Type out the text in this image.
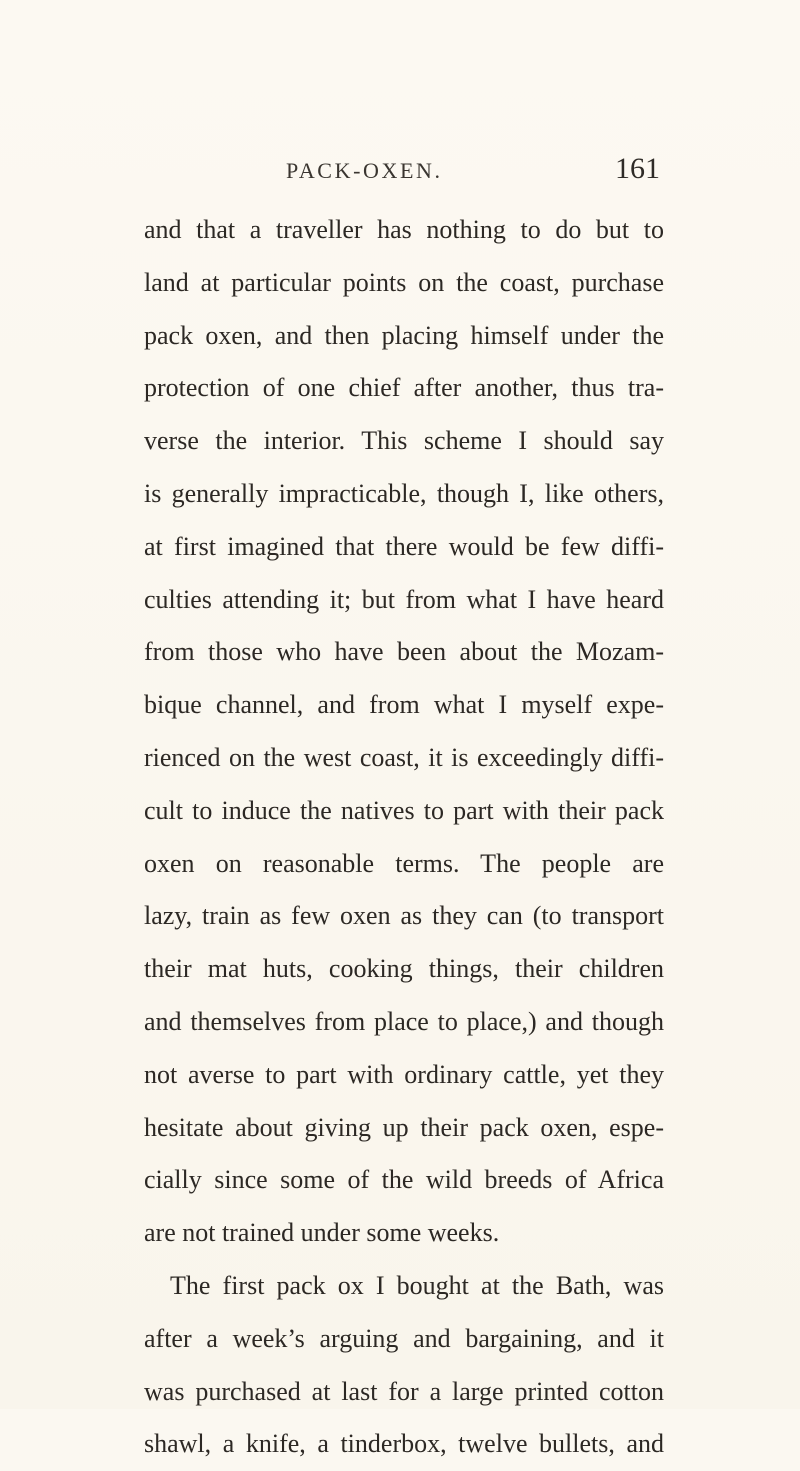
PACK-OXEN.	161
and that a traveller has nothing to do but to
land at particular points on the coast, purchase
pack oxen, and then placing himself under the
protection of one chief after another, thus tra-
verse the interior. This scheme I should say
is generally impracticable, though I, like others,
at first imagined that there would be few diffi-
culties attending it; but from what I have heard
from those who have been about the Mozam-
bique channel, and from what I myself expe-
rienced on the west coast, it is exceedingly diffi-
cult to induce the natives to part with their pack
oxen on reasonable terms. The people are
lazy, train as few oxen as they can (to transport
their mat huts, cooking things, their children
and themselves from place to place,) and though
not averse to part with ordinary cattle, yet they
hesitate about giving up their pack oxen, espe-
cially since some of the wild breeds of Africa
are not trained under some weeks.
The first pack ox I bought at the Bath, was
after a week’s arguing and bargaining, and it
was purchased at last for a large printed cotton
shawl, a knife, a tinderbox, twelve bullets, and
